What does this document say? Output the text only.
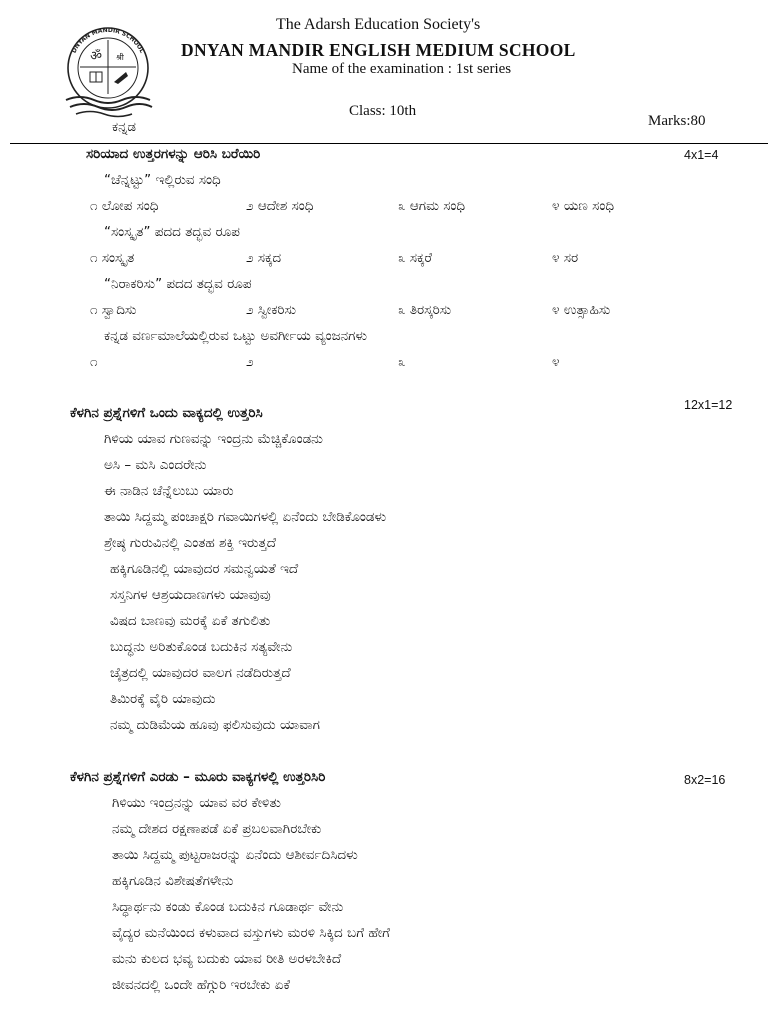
DNYAN MANDIR SCHOOL
ॐ श्री
The Adarsh Education Society's
DNYAN MANDIR ENGLISH MEDIUM SCHOOL
Name of the examination : 1st series
Class: 10th
Marks:80
ಕನ್ನಡ
ಸರಿಯಾದ ಉತ್ತರಗಳನ್ನು ಆರಿಸಿ ಬರೆಯಿರಿ	4x1=4
“ಚೆನ್ನಟ್ಟು” ಇಲ್ಲಿರುವ ಸಂಧಿ
೧ ಲೋಪ ಸಂಧಿ	೨ ಆದೇಶ ಸಂಧಿ	೩ ಆಗಮ ಸಂಧಿ	೪ ಯಣ ಸಂಧಿ
“ಸಂಸ್ಕೃತ” ಪದದ ತದ್ಭವ ರೂಪ
೧ ಸಂಸ್ಕೃತ	೨ ಸಕ್ಕದ	೩ ಸಕ್ಕರೆ	೪ ಸರ
“ನಿರಾಕರಿಸು” ಪದದ ತದ್ಭವ ರೂಪ
೧ ಸ್ವಾದಿಸು	೨ ಸ್ವೀಕರಿಸು	೩ ತಿರಸ್ಕರಿಸು	೪ ಉತ್ಸಾಹಿಸು
ಕನ್ನಡ ವರ್ಣಮಾಲೆಯಲ್ಲಿರುವ ಒಟ್ಟು ಅವರ್ಗೀಯ ವ್ಯಂಜನಗಳು
೧	೨	೩	೪
12x1=12
ಕೆಳಗಿನ ಪ್ರಶ್ನೆಗಳಿಗೆ ಒಂದು ವಾಕ್ಯದಲ್ಲಿ ಉತ್ತರಿಸಿ
ಗಿಳಿಯ ಯಾವ ಗುಣವನ್ನು ಇಂದ್ರನು ಮೆಚ್ಚಿಕೊಂಡನು
ಅಸಿ – ಮಸಿ ಎಂದರೇನು
ಈ ನಾಡಿನ ಚೆನ್ನೆಲುಬು ಯಾರು
ತಾಯಿ ಸಿದ್ದಮ್ಮ ಪಂಚಾಕ್ಷರಿ ಗವಾಯಿಗಳಲ್ಲಿ ಏನೆಂದು ಬೇಡಿಕೊಂಡಳು
ಶ್ರೇಷ್ಠ ಗುರುವಿನಲ್ಲಿ ಎಂತಹ ಶಕ್ತಿ ಇರುತ್ತದೆ
ಹಕ್ಕಿಗೂಡಿನಲ್ಲಿ ಯಾವುದರ ಸಮನ್ವಯತೆ ಇದೆ
ಸಸ್ತನಿಗಳ ಆಶ್ರಯದಾಣಗಳು ಯಾವುವು
ವಿಷದ ಬಾಣವು ಮರಕ್ಕೆ ಏಕೆ ತಗುಲಿತು
ಬುದ್ಧನು ಅರಿತುಕೊಂಡ ಬದುಕಿನ ಸತ್ಯವೇನು
ಚೈತ್ರದಲ್ಲಿ ಯಾವುದರ ವಾಲಗ ನಡೆದಿರುತ್ತದೆ
ತಿಮಿರಕ್ಕೆ ವೈರಿ ಯಾವುದು
ನಮ್ಮ ದುಡಿಮೆಯ ಹೂವು ಫಲಿಸುವುದು ಯಾವಾಗ
ಕೆಳಗಿನ ಪ್ರಶ್ನೆಗಳಿಗೆ ಎರಡು – ಮೂರು ವಾಕ್ಯಗಳಲ್ಲಿ ಉತ್ತರಿಸಿರಿ	8x2=16
ಗಿಳಿಯು ಇಂದ್ರನನ್ನು ಯಾವ ವರ ಕೇಳಿತು
ನಮ್ಮ ದೇಶದ ರಕ್ಷಣಾಪಡೆ ಏಕೆ ಪ್ರಬಲವಾಗಿರಬೇಕು
ತಾಯಿ ಸಿದ್ದಮ್ಮ ಪುಟ್ಟರಾಜರನ್ನು ಏನೆಂದು ಆಶೀರ್ವದಿಸಿದಳು
ಹಕ್ಕಿಗೂಡಿನ ವಿಶೇಷತೆಗಳೇನು
ಸಿದ್ಧಾರ್ಥನು ಕಂಡು ಕೊಂಡ ಬದುಕಿನ ಗೂಡಾರ್ಥ ವೇನು
ವೈದ್ಯರ ಮನೆಯಿಂದ ಕಳುವಾದ ವಸ್ತುಗಳು ಮರಳಿ ಸಿಕ್ಕಿದ ಬಗೆ ಹೇಗೆ
ಮನು ಕುಲದ ಭವ್ಯ ಬದುಕು ಯಾವ ರೀತಿ ಅರಳಬೇಕಿದೆ
ಜೀವನದಲ್ಲಿ ಒಂದೇ ಹೆಗ್ಗುರಿ ಇರಬೇಕು ಏಕೆ
